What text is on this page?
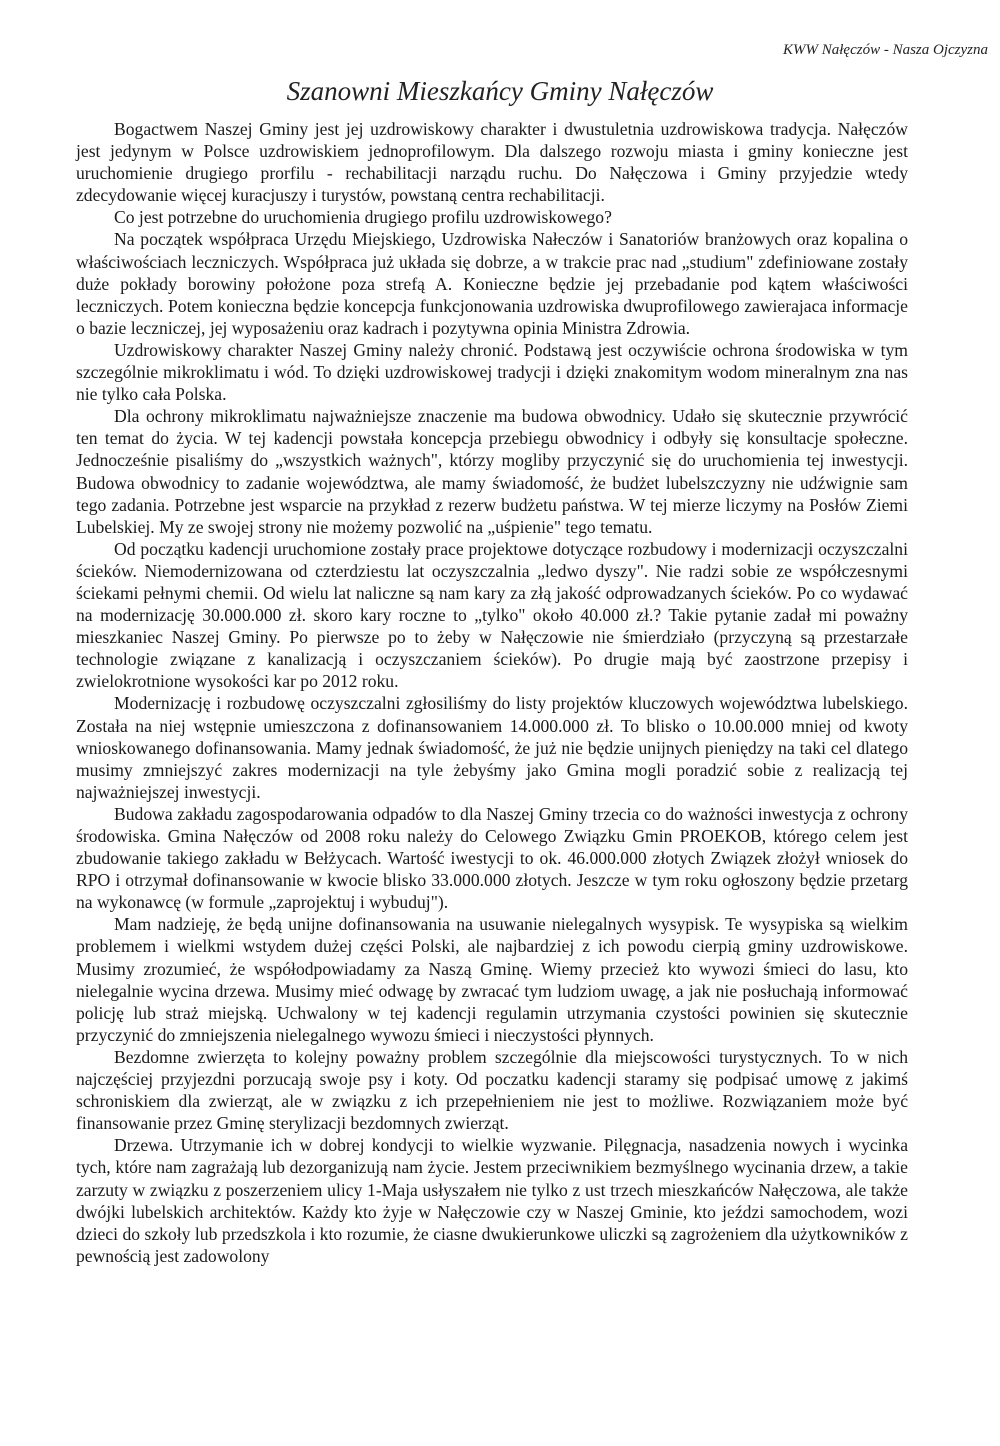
KWW Nałęczów - Nasza Ojczyzna
Szanowni Mieszkańcy Gminy Nałęczów

Bogactwem Naszej Gminy jest jej uzdrowiskowy charakter i dwustuletnia uzdrowiskowa tradycja. Nałęczów jest jedynym w Polsce uzdrowiskiem jednoprofilowym. Dla dalszego rozwoju miasta i gminy konieczne jest uruchomienie drugiego prorfilu - rechabilitacji narządu ruchu. Do Nałęczowa i Gminy przyjedzie wtedy zdecydowanie więcej kuracjuszy i turystów, powstaną centra rechabilitacji.

Co jest potrzebne do uruchomienia drugiego profilu uzdrowiskowego?

Na początek współpraca Urzędu Miejskiego, Uzdrowiska Nałeczów i Sanatoriów branżowych oraz kopalina o właściwościach leczniczych. Współpraca już układa się dobrze, a w trakcie prac nad „studium" zdefiniowane zostały duże pokłady borowiny położone poza strefą A. Konieczne będzie jej przebadanie pod kątem właściwości leczniczych. Potem konieczna będzie koncepcja funkcjonowania uzdrowiska dwuprofilowego zawierajaca informacje o bazie leczniczej, jej wyposażeniu oraz kadrach i pozytywna opinia Ministra Zdrowia.

Uzdrowiskowy charakter Naszej Gminy należy chronić. Podstawą jest oczywiście ochrona środowiska w tym szczególnie mikroklimatu i wód. To dzięki uzdrowiskowej tradycji i dzięki znakomitym wodom mineralnym zna nas nie tylko cała Polska.

Dla ochrony mikroklimatu najważniejsze znaczenie ma budowa obwodnicy. Udało się skutecznie przywrócić ten temat do życia. W tej kadencji powstała koncepcja przebiegu obwodnicy i odbyły się konsultacje społeczne. Jednocześnie pisaliśmy do „wszystkich ważnych", którzy mogliby przyczynić się do uruchomienia tej inwestycji. Budowa obwodnicy to zadanie województwa, ale mamy świadomość, że budżet lubelszczyzny nie udźwignie sam tego zadania. Potrzebne jest wsparcie na przykład z rezerw budżetu państwa. W tej mierze liczymy na Posłów Ziemi Lubelskiej. My ze swojej strony nie możemy pozwolić na „uśpienie" tego tematu.

Od początku kadencji uruchomione zostały prace projektowe dotyczące rozbudowy i modernizacji oczyszczalni ścieków. Niemodernizowana od czterdziestu lat oczyszczalnia „ledwo dyszy". Nie radzi sobie ze współczesnymi ściekami pełnymi chemii. Od wielu lat naliczne są nam kary za złą jakość odprowadzanych ścieków. Po co wydawać na modernizację 30.000.000 zł. skoro kary roczne to „tylko" około 40.000 zł.? Takie pytanie zadał mi poważny mieszkaniec Naszej Gminy. Po pierwsze po to żeby w Nałęczowie nie śmierdziało (przyczyną są przestarzałe technologie związane z kanalizacją i oczyszczaniem ścieków). Po drugie mają być zaostrzone przepisy i zwielokrotnione wysokości kar po 2012 roku.

Modernizację i rozbudowę oczyszczalni zgłosiliśmy do listy projektów kluczowych województwa lubelskiego. Została na niej wstępnie umieszczona z dofinansowaniem 14.000.000 zł. To blisko o 10.00.000 mniej od kwoty wnioskowanego dofinansowania. Mamy jednak świadomość, że już nie będzie unijnych pieniędzy na taki cel dlatego musimy zmniejszyć zakres modernizacji na tyle żebyśmy jako Gmina mogli poradzić sobie z realizacją tej najważniejszej inwestycji.

Budowa zakładu zagospodarowania odpadów to dla Naszej Gminy trzecia co do ważności inwestycja z ochrony środowiska. Gmina Nałęczów od 2008 roku należy do Celowego Związku Gmin PROEKOB, którego celem jest zbudowanie takiego zakładu w Bełżycach. Wartość iwestycji to ok. 46.000.000 złotych Związek złożył wniosek do RPO i otrzymał dofinansowanie w kwocie blisko 33.000.000 złotych. Jeszcze w tym roku ogłoszony będzie przetarg na wykonawcę (w formule „zaprojektuj i wybuduj").

Mam nadzieję, że będą unijne dofinansowania na usuwanie nielegalnych wysypisk. Te wysypiska są wielkim problemem i wielkmi wstydem dużej części Polski, ale najbardziej z ich powodu cierpią gminy uzdrowiskowe. Musimy zrozumieć, że współodpowiadamy za Naszą Gminę. Wiemy przecież kto wywozi śmieci do lasu, kto nielegalnie wycina drzewa. Musimy mieć odwagę by zwracać tym ludziom uwagę, a jak nie posłuchają informować policję lub straż miejską. Uchwalony w tej kadencji regulamin utrzymania czystości powinien się skutecznie przyczynić do zmniejszenia nielegalnego wywozu śmieci i nieczystości płynnych.

Bezdomne zwierzęta to kolejny poważny problem szczególnie dla miejscowości turystycznych. To w nich najczęściej przyjezdni porzucają swoje psy i koty. Od poczatku kadencji staramy się podpisać umowę z jakimś schroniskiem dla zwierząt, ale w związku z ich przepełnieniem nie jest to możliwe. Rozwiązaniem może być finansowanie przez Gminę sterylizacji bezdomnych zwierząt.

Drzewa. Utrzymanie ich w dobrej kondycji to wielkie wyzwanie. Pilęgnacja, nasadzenia nowych i wycinka tych, które nam zagrażają lub dezorganizują nam życie. Jestem przeciwnikiem bezmyślnego wycinania drzew, a takie zarzuty w związku z poszerzeniem ulicy 1-Maja usłyszałem nie tylko z ust trzech mieszkańców Nałęczowa, ale także dwójki lubelskich architektów. Każdy kto żyje w Nałęczowie czy w Naszej Gminie, kto jeździ samochodem, wozi dzieci do szkoły lub przedszkola i kto rozumie, że ciasne dwukierunkowe uliczki są zagrożeniem dla użytkowników z pewnością jest zadowolony
